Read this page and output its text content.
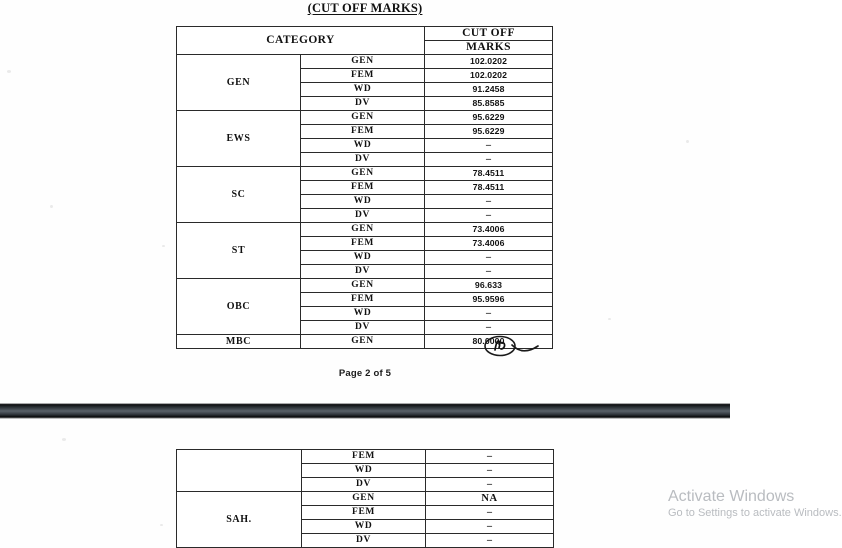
(CUT OFF MARKS)
CATEGORY		CUT OFF
		MARKS
GEN	GEN	102.0202
	FEM	102.0202
	WD	91.2458
	DV	85.8585
EWS	GEN	95.6229
	FEM	95.6229
	WD	–
	DV	–
SC	GEN	78.4511
	FEM	78.4511
	WD	–
	DV	–
ST	GEN	73.4006
	FEM	73.4006
	WD	–
	DV	–
OBC	GEN	96.633
	FEM	95.9596
	WD	–
	DV	–
MBC	GEN	80.0000
Page 2 of 5
	FEM	–
	WD	–
	DV	–
SAH.	GEN	NA
	FEM	–
	WD	–
	DV	–
Activate Windows
Go to Settings to activate Windows.
